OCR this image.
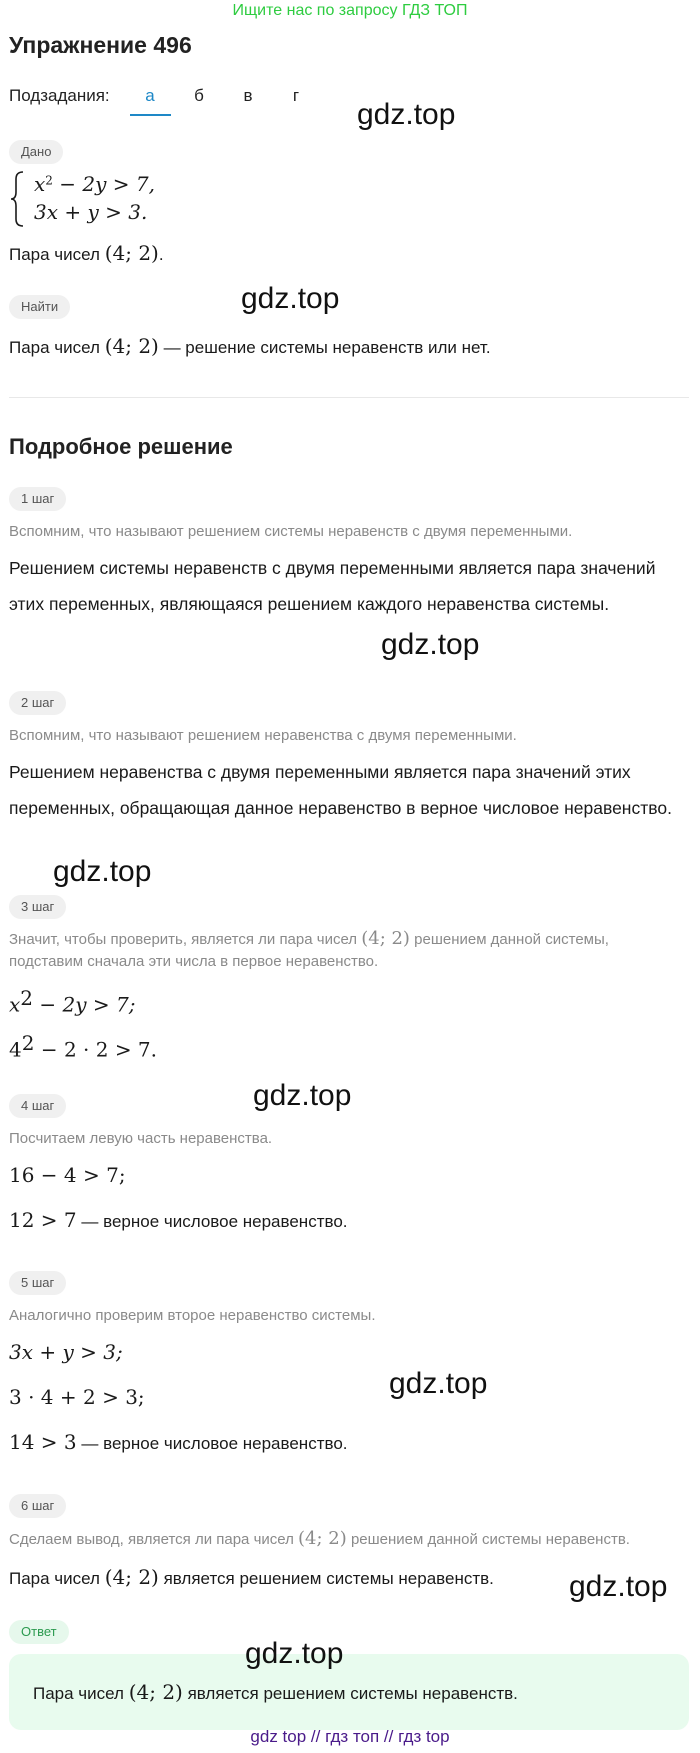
Ищите нас по запросу ГДЗ ТОП
Упражнение 496
Подзадания:	а	б	в	г
Дано
$x^2 - 2y > 7$,
3x + y > 3.
Пара чисел (4; 2).
Найти
Пара чисел (4; 2) — решение системы неравенств или нет.
Подробное решение
1 шаг
Вспомним, что называют решением системы неравенств с двумя переменными.
Решением системы неравенств с двумя переменными является пара значений этих переменных, являющаяся решением каждого неравенства системы.
2 шаг
Вспомним, что называют решением неравенства с двумя переменными.
Решением неравенства с двумя переменными является пара значений этих переменных, обращающая данное неравенство в верное числовое неравенство.
3 шаг
Значит, чтобы проверить, является ли пара чисел (4; 2) решением данной системы,
подставим сначала эти числа в первое неравенство.
$x^2 - 2y > 7$;
$4^2 - 2 \cdot 2 > 7$.
4 шаг
Посчитаем левую часть неравенства.
16 − 4 > 7;
12 > 7 — верное числовое неравенство.
5 шаг
Аналогично проверим второе неравенство системы.
3x + y > 3;
3 · 4 + 2 > 3;
14 > 3 — верное числовое неравенство.
6 шаг
Сделаем вывод, является ли пара чисел (4; 2) решением данной системы неравенств.
Пара чисел (4; 2) является решением системы неравенств.
Ответ
Пара чисел (4; 2) является решением системы неравенств.
gdz.top
gdz.top
gdz.top
gdz.top
gdz.top
gdz.top
gdz.top
gdz.top
gdz top // гдз топ // гдз top
